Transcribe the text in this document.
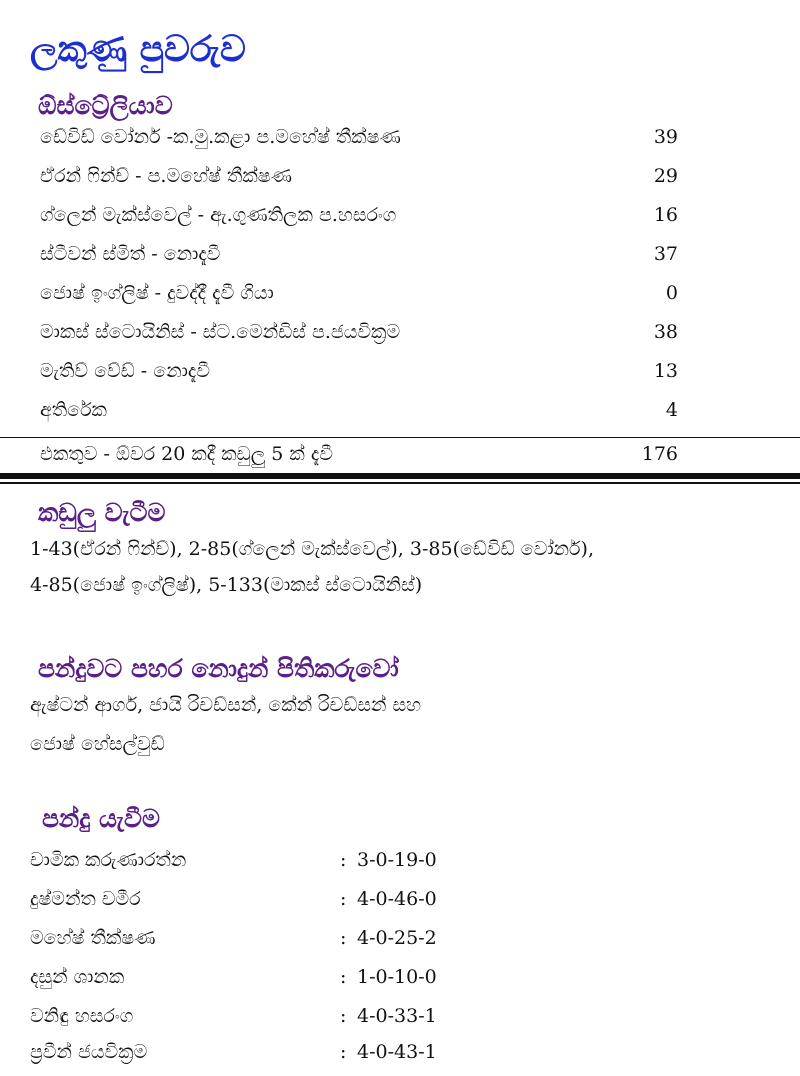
ලකුණු පුවරුව
ඕස්ට්‍රේලියාව
ඩේවිඩ් වෝනර් -ක.මු.කළා ප.මහේෂ් තීක්ෂණ	39
ඒරන් ෆින්ච් - ප.මහේෂ් තීක්ෂණ	29
ග්ලෙන් මැක්ස්වෙල් - ඇ.ගුණතිලක ප.හසරංග	16
ස්ටීවන් ස්මිත් - නොදැවී	37
ජොෂ් ඉංග්ලිෂ් - දුවද්දී දැවී ගියා	0
මාකස් ස්ටොයිනිස් - ස්ට.මෙන්ඩිස් ප.ජයවික්‍රම	38
මැතිව් වේඩ් - නොදැවී	13
අතිරේක	4
එකතුව - ඕවර 20 කදී කඩුලු 5 ක් දැවී	176
කඩුලු වැටීම
1-43(ඒරන් ෆින්ච්), 2-85(ග්ලෙන් මැක්ස්වෙල්), 3-85(ඩේවිඩ් වෝනර්),
4-85(ජොෂ් ඉංග්ලිෂ්), 5-133(මාකස් ස්ටොයිනිස්)
පන්දුවට පහර නොදුන් පිතිකරුවෝ
ඇෂ්ටන් ආගර්, ජායි රිචඩ්සන්, කේන් රිචඩ්සන් සහ
ජොෂ් හේසල්වුඩ්
පන්දු යැවීම
චාමික කරුණාරත්න	: 3-0-19-0
දුෂ්මන්ත චමීර	: 4-0-46-0
මහේෂ් තීක්ෂණ	: 4-0-25-2
දසුන් ශානක	: 1-0-10-0
වනිඳු හසරංග	: 4-0-33-1
ප්‍රවීන් ජයවික්‍රම	: 4-0-43-1
